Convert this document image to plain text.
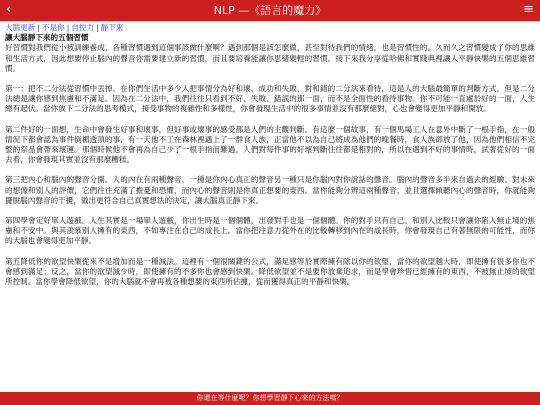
‹	NLP —《語言的魔力》	≡

大腦更新 | 不是你 | 自控力 | 靜下來

讓大腦靜下來的五個習慣

好習慣對我們從小被訓練養成，各種習慣遇到這個事該做什麼啊？遇到那個是該怎麼做，甚至對待我們的情緒，也是習慣性的。久而久之習慣變成了你的思維和生活方式，因此想要停止腦內的聲音你需要建立新的習慣，而且要培養能讓你思緒變輕的習慣。接下來我分享從哈佛和實踐典裡讓人平靜快樂的五個思維習慣。

第一：把不二分法從習慣中丟掉。在你們生活中多少人把事情分為好和壞，成功和失敗，對和錯的二分法來看待，這是人的大腦最簡單的判斷方式，但是二分法總是讓你感到焦慮和不滿足。因為在二分法中，我們往往只看到不好、失敗、錯誤的那一面，而不是全面性的看待事物。你不可能一直處於好的一面，人生總有起伏。當你放下二分法的思考模式，接受事物的複雜性和多樣性，你會發現生活中的很多事情並沒有那麼絕對，心也會變得更加平靜和開放。

第二件好的一面想，生命中會發生好事和壞事，但好事或壞事的感受都是人們的主觀判斷。有這麼一個故事，有一個馬場工人在意外中斷了一根手指，在一般情況下都會認為事件倒楣透頂的事，有一天他不工在森林裡遇上了一群食人族，正當他不以為自己將成為他們的晚餐時，食人族卻放了他，因為他們相信不完整的祭品會帶來壞運。那個時候他不會再為自己少了一根手指而難過。人們對每件事的好壞判斷往往都是相對的，所以在遇到不好的事情時，試著從好的一面去看，你會發現其實並沒有那麼糟糕。

第三把內心和腦內的聲音分開。人的內在有兩種聲音，一種是你內心真正的聲音另一種只是你腦內對你說話的聲音。腦內的聲音多半來自過去的經驗、對未來的想像和別人的評價，它們往往充滿了擔憂和恐懼，而內心的聲音則是你真正想要的東西。當你能夠分辨這兩種聲音，並且選擇傾聽內心的聲音時，你就能夠擺脫腦內聲音的干擾，做出更符合自己真實想法的決定，讓大腦真正靜下來。

第四學會定好單人遊戲。人生其實是一場單人遊戲，你出生時是一個個體，出發對手也是一個個體。你的對手只有自己。和別人比較只會讓你陷入無止境的焦慮和不安中。與其羨慕別人擁有的東西，不如專注在自己的成長上。當你把注意力從外在的比較轉移到內在的成長時，你會發現自己有著無限的可能性，而你的大腦也會變得更加平靜。

第五降低你的欲望快樂從來不是增加而是一種減法。這裡有一個很關鍵的公式，滿足感等於實際擁有除以你的欲望，當你的欲望越大時，即使擁有很多你也不會感到滿足；反之，當你的欲望減少時，即使擁有的不多你也會感到快樂。降低欲望並不是要你放棄追求，而是學會珍惜已經擁有的東西，不被無止境的欲望所控制。當你學會降低欲望，你的大腦就不會再被各種想要的東西所佔據，從而獲得真正的平靜和快樂。

你還在等什麼呢？你想學習靜下心來的方法嗎？
